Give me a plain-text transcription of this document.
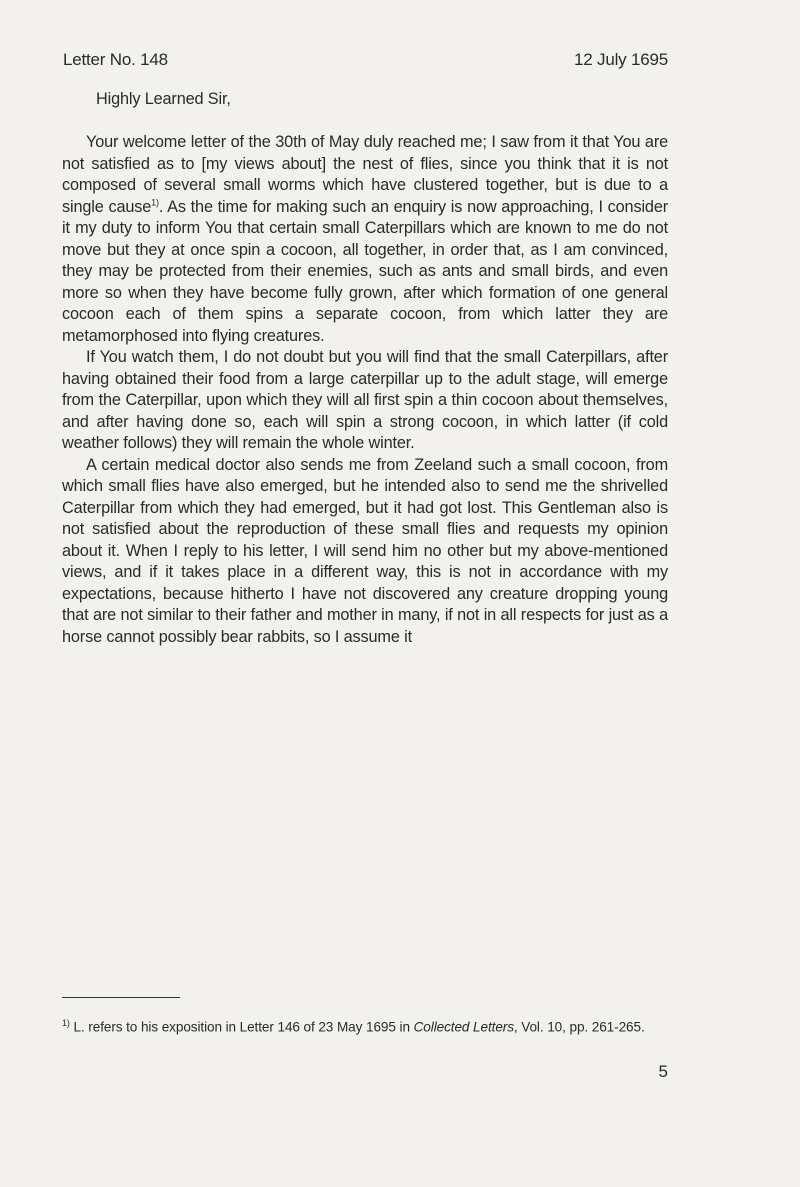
Letter No. 148	12 July 1695

Highly Learned Sir,

Your welcome letter of the 30th of May duly reached me; I saw from it that You are not satisfied as to [my views about] the nest of flies, since you think that it is not composed of several small worms which have clustered together, but is due to a single cause$^{1)}$. As the time for making such an enquiry is now approaching, I consider it my duty to inform You that certain small Caterpillars which are known to me do not move but they at once spin a cocoon, all together, in order that, as I am convinced, they may be protected from their enemies, such as ants and small birds, and even more so when they have become fully grown, after which formation of one general cocoon each of them spins a separate cocoon, from which latter they are metamorphosed into flying creatures.

If You watch them, I do not doubt but you will find that the small Caterpillars, after having obtained their food from a large caterpillar up to the adult stage, will emerge from the Caterpillar, upon which they will all first spin a thin cocoon about themselves, and after having done so, each will spin a strong cocoon, in which latter (if cold weather follows) they will remain the whole winter.

A certain medical doctor also sends me from Zeeland such a small cocoon, from which small flies have also emerged, but he intended also to send me the shrivelled Caterpillar from which they had emerged, but it had got lost. This Gentleman also is not satisfied about the reproduction of these small flies and requests my opinion about it. When I reply to his letter, I will send him no other but my above-mentioned views, and if it takes place in a different way, this is not in accordance with my expectations, because hitherto I have not discovered any creature dropping young that are not similar to their father and mother in many, if not in all respects for just as a horse cannot possibly bear rabbits, so I assume it

$^{1)}$ L. refers to his exposition in Letter 146 of 23 May 1695 in Collected Letters, Vol. 10, pp. 261-265.
5
